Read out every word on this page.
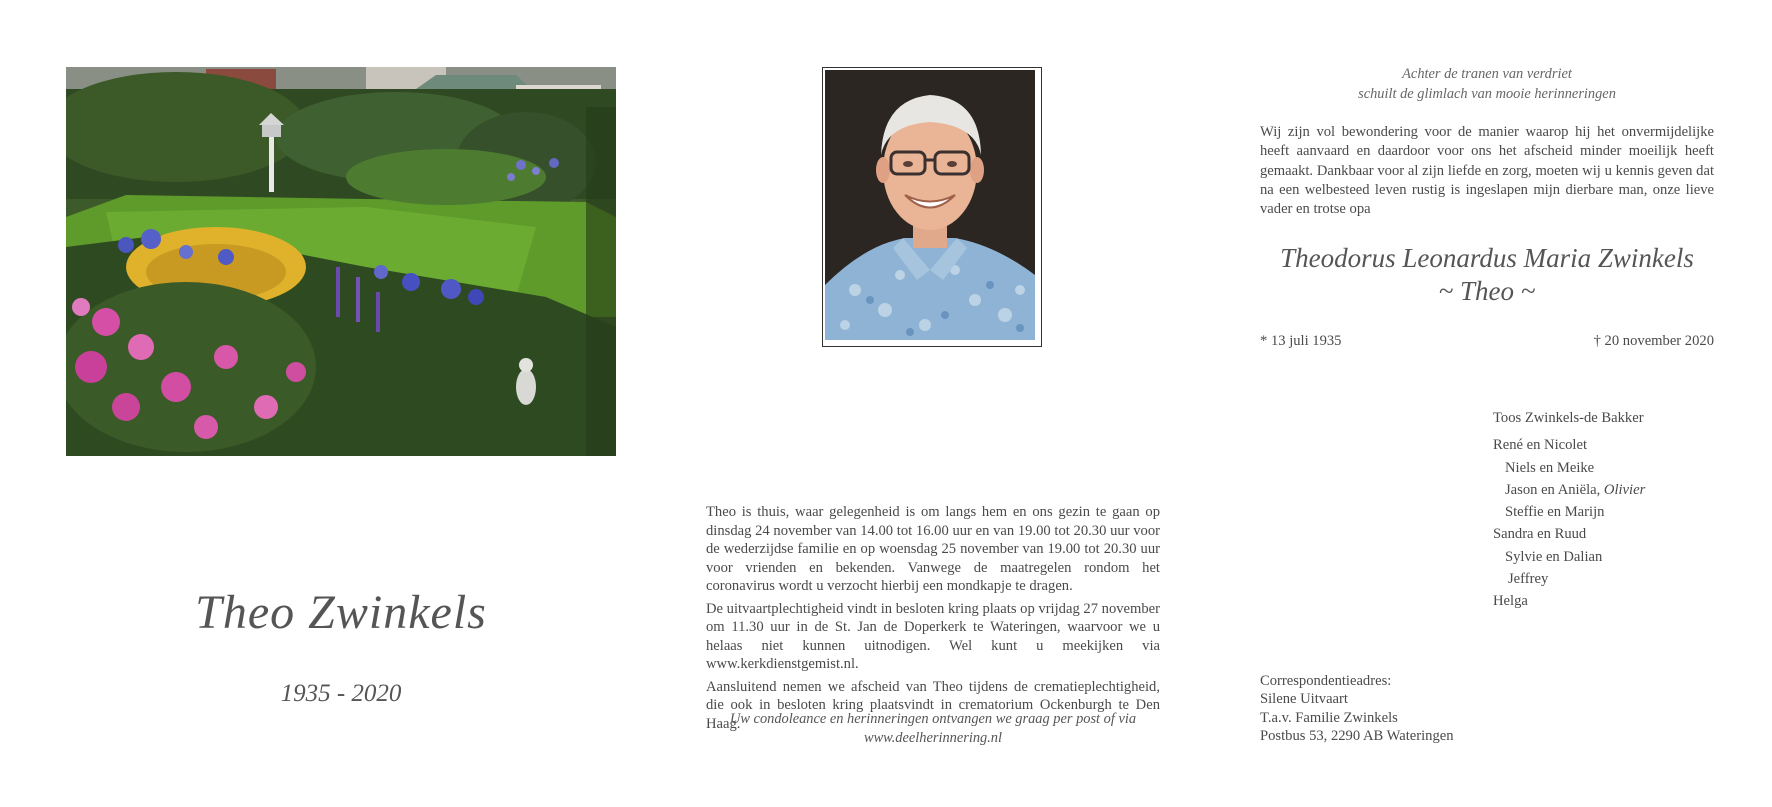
Theo Zwinkels
1935 - 2020

Theo is thuis, waar gelegenheid is om langs hem en ons gezin te gaan op dinsdag 24 november van 14.00 tot 16.00 uur en van 19.00 tot 20.30 uur voor de wederzijdse familie en op woensdag 25 november van 19.00 tot 20.30 uur voor vrienden en bekenden. Vanwege de maatregelen rondom het coronavirus wordt u verzocht hierbij een mondkapje te dragen.

De uitvaartplechtigheid vindt in besloten kring plaats op vrijdag 27 november om 11.30 uur in de St. Jan de Doperkerk te Wateringen, waarvoor we u helaas niet kunnen uitnodigen. Wel kunt u meekijken via www.kerkdienstgemist.nl.

Aansluitend nemen we afscheid van Theo tijdens de crematieplechtigheid, die ook in besloten kring plaatsvindt in crematorium Ockenburgh te Den Haag.

Uw condoleance en herinneringen ontvangen we graag per post of via
www.deelherinnering.nl
Achter de tranen van verdriet
schuilt de glimlach van mooie herinneringen
Wij zijn vol bewondering voor de manier waarop hij het onvermijdelijke heeft aanvaard en daardoor voor ons het afscheid minder moeilijk heeft gemaakt. Dankbaar voor al zijn liefde en zorg, moeten wij u kennis geven dat na een welbesteed leven rustig is ingeslapen mijn dierbare man, onze lieve vader en trotse opa
Theodorus Leonardus Maria Zwinkels
~ Theo ~
* 13 juli 1935	† 20 november 2020
Toos Zwinkels-de Bakker
René en Nicolet
Niels en Meike
Jason en Aniëla, Olivier
Steffie en Marijn
Sandra en Ruud
Sylvie en Dalian
Jeffrey
Helga
Correspondentieadres:
Silene Uitvaart
T.a.v. Familie Zwinkels
Postbus 53, 2290 AB Wateringen
